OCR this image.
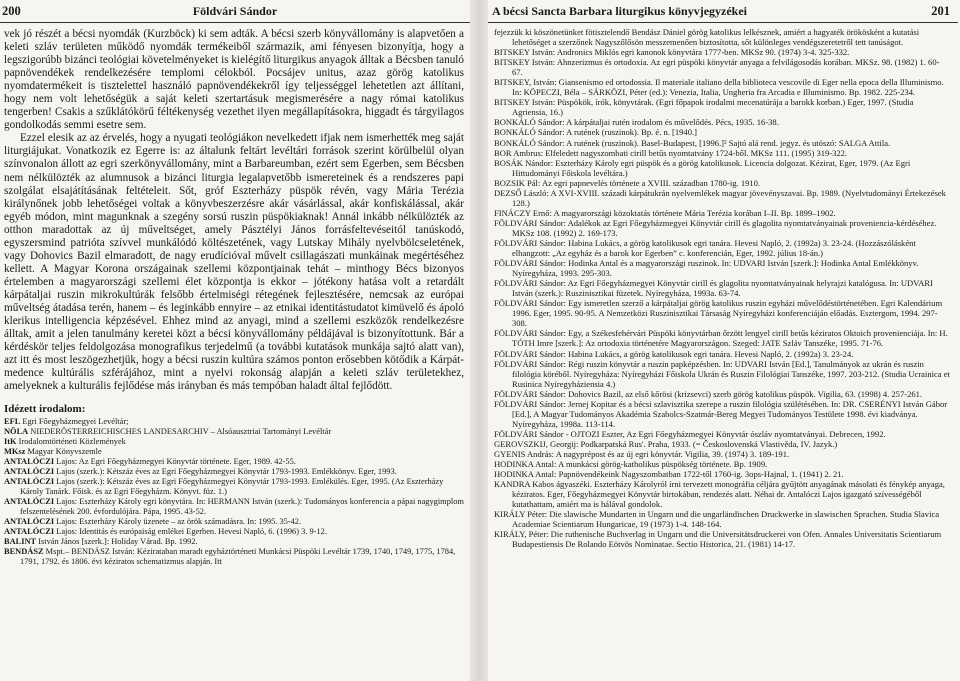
200	Földvári Sándor

vek jó részét a bécsi nyomdák (Kurzböck) ki sem adták. A bécsi szerb könyvállomány is alapvetően a keleti szláv területen működő nyomdák termékeiből származik, ami fényesen bizonyítja, hogy a legszigorúbb bizánci teológiai követelményeket is kielégítő liturgikus anyagok álltak a Bécsben tanuló papnövendékek rendelkezésére templomi célokból. Pocsájev unitus, azaz görög katolikus nyomdatermékeit is tisztelettel használó papnövendékekről így teljességgel lehetetlen azt állítani, hogy nem volt lehetőségük a saját keleti szertartásuk megismerésére a nagy római katolikus tengerben! Csakis a szűklátókörű féltékenység vezethet ilyen megállapításokra, higgadt és tárgyilagos gondolkodás semmi esetre sem.

Ezzel elesik az az érvelés, hogy a nyugati teológiákon nevelkedett ifjak nem ismerhették meg saját liturgiájukat. Vonatkozik ez Egerre is: az általunk feltárt levéltári források szerint körülbelül olyan színvonalon állott az egri szerkönyvállomány, mint a Barbareumban, ezért sem Egerben, sem Bécsben nem nélkülözték az alumnusok a bizánci liturgia legalapvetőbb ismereteinek és a rendszeres papi szolgálat elsajátításának feltételeit. Sőt, gróf Eszterházy püspök révén, vagy Mária Terézia királynőnek jobb lehetőségei voltak a könyvbeszerzésre akár vásárlással, akár konfiskálással, akár egyéb módon, mint magunknak a szegény sorsú ruszin püspökiaknak! Annál inkább nélkülözték az otthon maradottak az új műveltséget, amely Pásztélyi János forrásfeltevéseitól tanúskodó, egyszersmind patrióta szívvel munkálódó költészetének, vagy Lutskay Mihály nyelvbölcseletének, vagy Dohovics Bazil elmaradott, de nagy erudícióval művelt csillagászati munkáinak megértéséhez kellett. A Magyar Korona országainak szellemi központjainak tehát – minthogy Bécs bizonyos értelemben a magyarországi szellemi élet központja is ekkor – jótékony hatása volt a retardált kárpátaljai ruszin mikrokultúrák felsőbb értelmiségi rétegének fejlesztésére, nemcsak az európai műveltség átadása terén, hanem – és leginkább ennyire – az etnikai identitástudatot kimüvelő és ápoló klerikus intelligencia képzésével. Ehhez mind az anyagi, mind a szellemi eszközök rendelkezésre álltak, amit a jelen tanulmány keretei közt a bécsi könyvállomány példájával is bizonyítottunk. Bár a kérdéskör teljes feldolgozása monografikus terjedelmű (a további kutatások munkája sajtó alatt van), azt itt és most leszögezhetjük, hogy a bécsi ruszin kultúra számos ponton erősebben kötődik a Kárpát-medence kultúrális szférájához, mint a nyelvi rokonság alapján a keleti szláv területekhez, amelyeknek a kulturális fejlődése más irányban és más tempóban haladt által fejlődött.

Idézett irodalom:

EFL Egri Főegyházmegyei Levéltár;

NÖLA NIEDERÖSTERREICHISCHES LANDESARCHIV – Alsóausztriai Tartományi Levéltár

ItK Irodalomtörténeti Közlemények

MKsz Magyar Könyvszemle

ANTALÓCZI Lajos: Az Egri Főegyházmegyei Könyvtár története. Eger, 1989. 42-55.

ANTALÓCZI Lajos (szerk.): Kétszáz éves az Egri Főegyházmegyei Könyvtár 1793-1993. Emlékkönyv. Eger, 1993.

ANTALÓCZI Lajos (szerk.): Kétszáz éves az Egri Főegyházmegyei Könyvtár 1793-1993. Emlékülés. Eger, 1995. (Az Eszterházy Károly Tanárk. Főisk. és az Egri Főegyházm. Könyvt. füz. 1.)

ANTALÓCZI Lajos: Eszterházy Károly egri könyvtára. In: HERMANN István (szerk.): Tudományos konferencia a pápai nagygimplom felszentelésének 200. évfordulójára. Pápa, 1995. 43-52.

ANTALÓCZI Lajos: Eszterházy Károly üzenete – az örök számadásra. In: 1995. 35-42.

ANTALÓCZI Lajos: Identitás és európaiság emlékei Egerben. Hevesi Napló, 6. (1996) 3. 9-12.

BALINT István János [szerk.]: Holiday Várad. Bp. 1992.

BENDÁSZ Mspt.– BENDÁSZ István: Kézirataban maradt egyháztörténeti Munkácsi Püspöki Levéltár 1739, 1740, 1749, 1775, 1784, 1791, 1792. és 1806. évi kéziratos schematizmus alapján. Itt

A bécsi Sancta Barbara liturgikus könyvjegyzékei	201

fejezzük ki köszönetünket fötisztelendő Bendász Dániel görög katolikus lelkésznek, amiért a hagyaték örökösként a kutatási lehetőséget a szerzőnek Nagyszőlősön messzemenően biztosította, sőt különleges vendégszeretetről tett tanúságot.

BITSKEY István: Andronics Miklós egri kanonok könyvtára 1777-ben. MKSz 90. (1974) 3-4. 325-332.

BITSKEY István: Ahnzerizmus és ortodoxia. Az egri püspöki könyvtár anyaga a felvilágosodás korában. MKSz. 98. (1982) 1. 60-67.

BITSKEY, István: Giansenismo ed ortodossia. Il materiale italiano della biblioteca vescovile di Eger nella epoca della Illuminismo. In: KÖPECZI, Béla – SÁRKÖZI, Péter (ed.): Venezia, Italia, Ungheria fra Arcadia e Illuminismo. Bp. 1982. 225-234.

BITSKEY István: Püspökök, írók, könyvtárak. (Egri főpapok irodalmi mecenatúrája a barokk korban.) Eger, 1997. (Studia Agriensia, 16.)

BONKÁLÓ Sándor: A kárpátaljai rutén irodalom és művelődés. Pécs, 1935. 16-38.

BONKÁLÓ Sándor: A rutének (ruszinok). Bp. é. n. [1940.]

BONKÁLÓ Sándor: A rutének (ruszinok). Basel-Budapest, [1996.]² Sajtó alá rend. jegyz. és utószó: SALGA Attila.

BOR Ambrus: Elfeledett nagyszombati cirill betűs nyomtatvány 1724-ből. MKSz 111. (1995) 319-322.

BOSÁK Nándor: Eszterházy Károly egri püspök és a görög katolikusok. Licencia dolgozat. Kézirat, Eger, 1979. (Az Egri Hittudományi Főiskola levéltára.)

BOZSIK Pál: Az egri papnevelés története a XVIII. században 1780-ig. 1910.

DEZSŐ László: A XVI-XVIII. századi kárpátukrán nyelvemlékek magyar jövevényszavai. Bp. 1989. (Nyelvtudományi Értekezések 128.)

FINÁCZY Ernő: A magyarországi közoktatás története Mária Terézia korában I–II. Bp. 1899–1902.

FÖLDVÁRI Sándor: Adalékok az Egri Főegyházmegyei Könyvtár cirill és glagolita nyomtatványainak proveniencia-kérdéséhez. MKSz 108. (1992) 2. 169-173.

FÖLDVÁRI Sándor: Habina Lukács, a görög katolikusok egri tanára. Hevesi Napló, 2. (1992a) 3. 23-24. (Hozzászólásként elhangzott: „Az egyház és a barok kor Egerben” c. konferencián, Eger, 1992. július 18-án.)

FÖLDVÁRI Sándor: Hodinka Antal és a magyarországi ruszinok. In: UDVARI István [szerk.]: Hodinka Antal Emlékkönyv. Nyíregyháza, 1993. 295-303.

FÖLDVÁRI Sándor: Az Egri Főegyházmegyei Könyvtár cirill és glagolita nyomtatványainak helyrajzi katalógusa. In: UDVARI István (szerk.): Ruszinisztikai füzetek. Nyíregyháza, 1993a. 63-74.

FÖLDVÁRI Sándor: Egy ismeretlen szerző a kárpátaljai görög katolikus ruszin egyházi művelődéstörténetében. Egri Kalendárium 1996. Eger, 1995. 90-95. A Nemzetközi Ruszinisztikai Társaság Nyíregyházi konferenciáján előadás. Esztergom, 1994. 297-308.

FÖLDVÁRI Sándor: Egy, a Székesfehérvári Püspöki könyvtárban őrzött lengyel cirill betűs kéziratos Oktoich provenienciája. In: H. TÓTH Imre [szerk.]: Az ortodoxia történetére Magyarországon. Szeged: JATE Szláv Tanszéke, 1995. 71-76.

FÖLDVÁRI Sándor: Habina Lukács, a görög katolikusok egri tanára. Hevesi Napló, 2. (1992a) 3. 23-24.

FÖLDVÁRI Sándor: Régi ruszin könyvtár a ruszin papképzésben. In: UDVARI István [Ed.], Tanulmányok az ukrán és ruszin filológia köréből. Nyíregyháza: Nyíregyházi Főiskola Ukrán és Ruszin Filológiai Tanszéke, 1997. 203-212. (Studia Ucrainica et Rusinica Nyíregyháziensia 4.)

FÖLDVÁRI Sándor: Dohovics Bazil, az első kőrösi (krizsevci) szerb görög katolikus püspök. Vigilia, 63. (1998) 4. 257-261.

FÖLDVÁRI Sándor: Jernej Kopitar és a bécsi szlavisztika szerepe a ruszin filológia szülétésében. In: DR. CSERÉNYI István Gábor [Ed.], A Magyar Tudományos Akadémia Szabolcs-Szatmár-Bereg Megyei Tudományos Testülete 1998. évi kiadványa. Nyíregyháza, 1998a. 113-114.

FÖLDVÁRI Sándor - OJTOZI Eszter, Az Egri Főegyházmegyei Könyvtár ószláv nyomtatványai. Debrecen, 1992.

GEROVSZKIJ, Georgij: Podkarpatská Rus'. Praha, 1933. (= Československá Vlastivěda, IV. Jazyk.)

GYENIS András: A nagyprépost és az új egri könyvtár. Vigilia, 39. (1974) 3. 189-191.

HODINKA Antal: A munkácsi görög-katholikus püspökség története. Bp. 1909.

HODINKA Antal: Papnövendékeink Nagyszombatban 1722-től 1760-ig. 3ops-Hajnal, 1. (1941) 2. 21.

KANDRA Kabos ágyaszéki. Eszterházy Károlyról írni tervezett monográfia céljára gyűjtött anyagának másolati és fénykép anyaga, kéziratos. Eger, Főegyházmegyei Könyvtár birtokában, rendezés alatt. Néhai dr. Antalóczi Lajos igazgató szívességéből kutathattam, amiért ma is hálával gondolok.

KIRÁLY Péter: Die slawische Mundarten in Ungarn und die ungarländischen Druckwerke in slawischen Sprachen. Studia Slavica Academiae Scientiarum Hungaricae, 19 (1973) 1-4. 148-164.

KIRÁLY, Péter: Die ruthenische Buchverlag in Ungarn und die Universitätsdruckerei von Ofen. Annales Universitatis Scientiarum Budapestiensis De Rolando Eötvös Nominatae. Sectio Historica, 21. (1981) 14-17.
